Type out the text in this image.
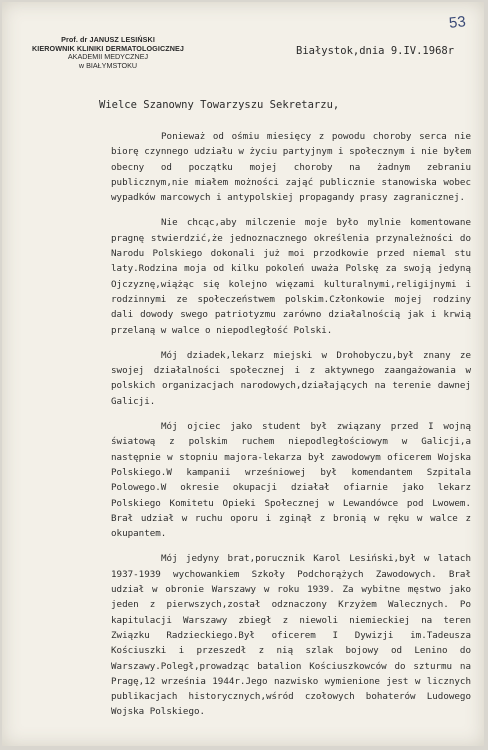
Prof. dr JANUSZ LESIŃSKI
KIEROWNIK KLINIKI DERMATOLOGICZNEJ
AKADEMII MEDYCZNEJ
w BIAŁYMSTOKU
53
Białystok,dnia 9.IV.1968r
Wielce Szanowny Towarzyszu Sekretarzu,

Ponieważ od ośmiu miesięcy z powodu choroby serca nie biorę czynnego udziału w życiu partyjnym i społecznym i nie byłem obecny od początku mojej choroby na żadnym zebraniu publicznym,nie miałem możności zająć publicznie stanowiska wobec wypadków marcowych i antypolskiej propagandy prasy zagranicznej.

Nie chcąc,aby milczenie moje było mylnie komentowane pragnę stwierdzić,że jednoznacznego określenia przynależności do Narodu Polskiego dokonali już moi przodkowie przed niemal stu laty.Rodzina moja od kilku pokoleń uważa Polskę za swoją jedyną Ojczyznę,wiążąc się kolejno więzami kulturalnymi,religijnymi i rodzinnymi ze społeczeństwem polskim.Członkowie mojej rodziny dali dowody swego patriotyzmu zarówno działalnością jak i krwią przelaną w walce o niepodległość Polski.

Mój dziadek,lekarz miejski w Drohobyczu,był znany ze swojej działalności społecznej i z aktywnego zaangażowania w polskich organizacjach narodowych,działających na terenie dawnej Galicji.

Mój ojciec jako student był związany przed I wojną światową z polskim ruchem niepodległościowym w Galicji,a następnie w stopniu majora-lekarza był zawodowym oficerem Wojska Polskiego.W kampanii wrześniowej był komendantem Szpitala Polowego.W okresie okupacji działał ofiarnie jako lekarz Polskiego Komitetu Opieki Społecznej w Lewandówce pod Lwowem. Brał udział w ruchu oporu i zginął z bronią w ręku w walce z okupantem.

Mój jedyny brat,porucznik Karol Lesiński,był w latach 1937-1939 wychowankiem Szkoły Podchorążych Zawodowych. Brał udział w obronie Warszawy w roku 1939. Za wybitne męstwo jako jeden z pierwszych,został odznaczony Krzyżem Walecznych. Po kapitulacji Warszawy zbiegł z niewoli niemieckiej na teren Związku Radzieckiego.Był oficerem I Dywizji im.Tadeusza Kościuszki i przeszedł z nią szlak bojowy od Lenino do Warszawy.Poległ,prowadząc batalion Kościuszkowców do szturmu na Pragę,12 września 1944r.Jego nazwisko wymienione jest w licznych publikacjach historycznych,wśród czołowych bohaterów Ludowego Wojska Polskiego.
